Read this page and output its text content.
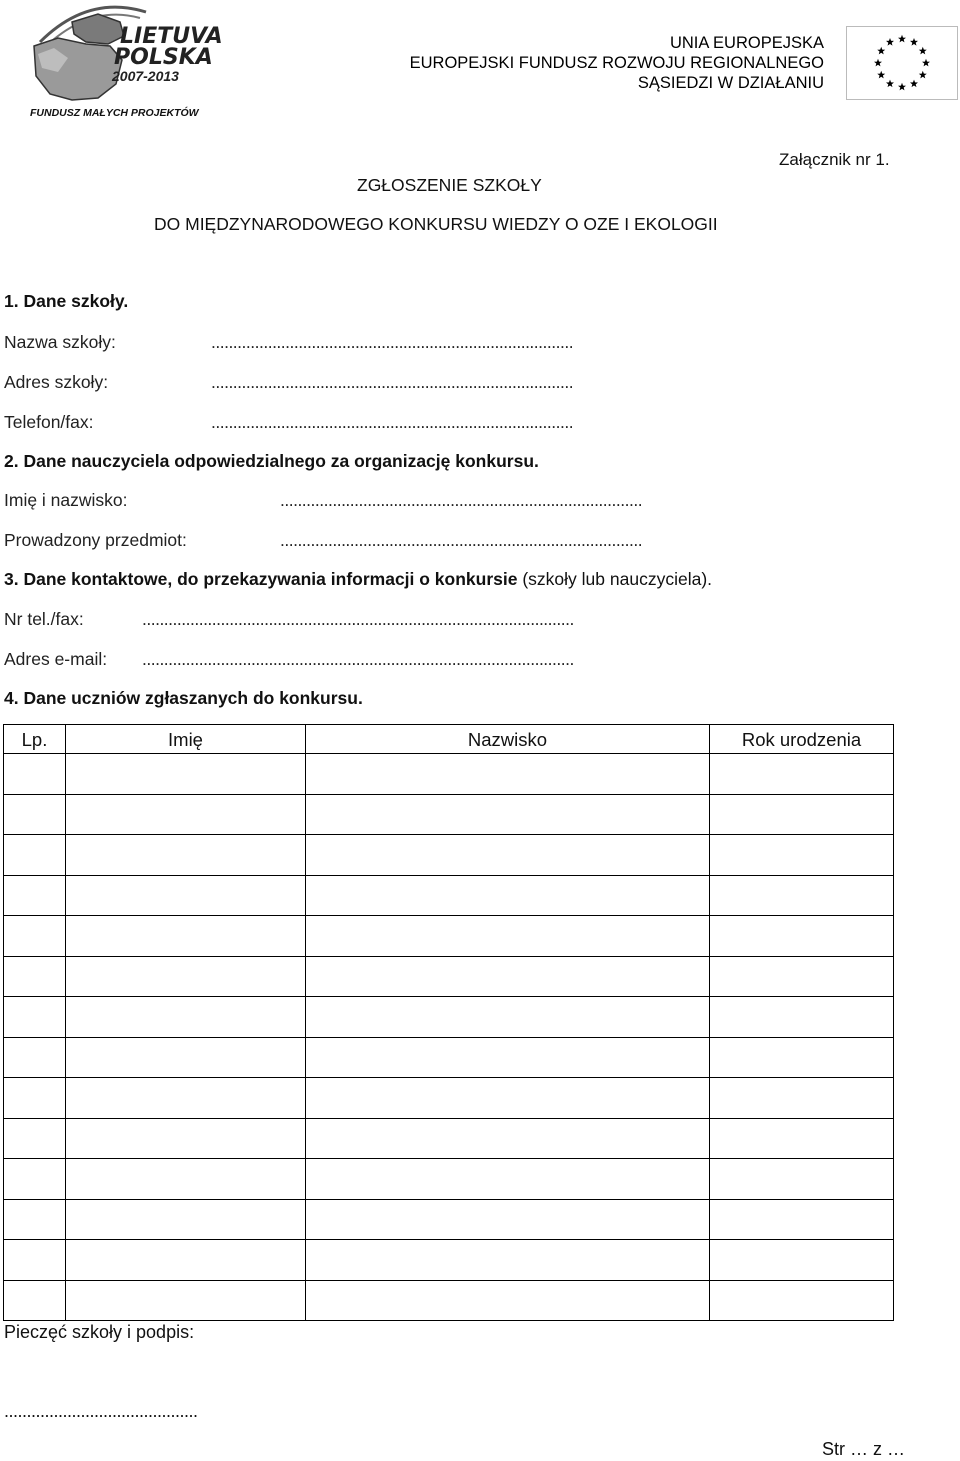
LIETUVA
POLSKA
2007-2013
FUNDUSZ MAŁYCH PROJEKTÓW
UNIA EUROPEJSKA
EUROPEJSKI FUNDUSZ ROZWOJU REGIONALNEGO
SĄSIEDZI W DZIAŁANIU
Załącznik nr 1.
ZGŁOSZENIE SZKOŁY
DO MIĘDZYNARODOWEGO KONKURSU WIEDZY O OZE I EKOLOGII
1. Dane szkoły.
Nazwa szkoły:	...................................................................................
Adres szkoły:	...................................................................................
Telefon/fax:	...................................................................................
2. Dane nauczyciela odpowiedzialnego za organizację konkursu.
Imię i nazwisko:	...................................................................................
Prowadzony przedmiot:	...................................................................................
3. Dane kontaktowe, do przekazywania informacji o konkursie (szkoły lub nauczyciela).
Nr tel./fax:	...................................................................................................
Adres e-mail: ...................................................................................................
4. Dane uczniów zgłaszanych do konkursu.
Lp.	Imię	Nazwisko	Rok urodzenia

Pieczęć szkoły i podpis:
...........................................
Str … z …
